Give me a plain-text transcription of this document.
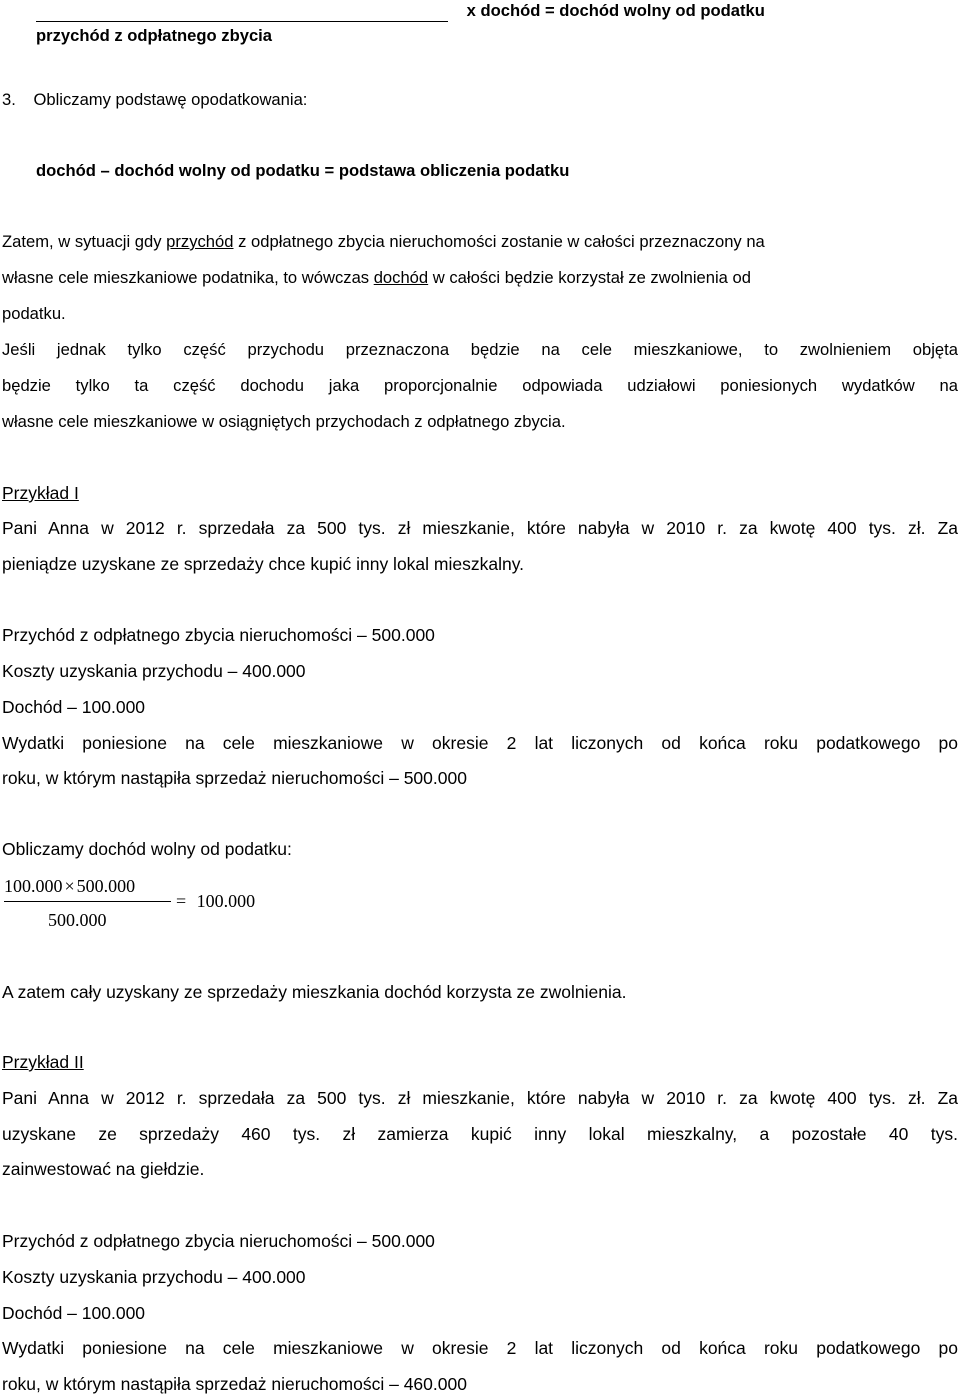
x dochód = dochód wolny od podatku
przychód z odpłatnego zbycia
3. Obliczamy podstawę opodatkowania:
dochód – dochód wolny od podatku = podstawa obliczenia podatku
Zatem, w sytuacji gdy przychód z odpłatnego zbycia nieruchomości zostanie w całości przeznaczony na
własne cele mieszkaniowe podatnika, to wówczas dochód w całości będzie korzystał ze zwolnienia od
podatku.
Jeśli jednak tylko część przychodu przeznaczona będzie na cele mieszkaniowe, to zwolnieniem objęta
będzie tylko ta część dochodu jaka proporcjonalnie odpowiada udziałowi poniesionych wydatków na
własne cele mieszkaniowe w osiągniętych przychodach z odpłatnego zbycia.
Przykład I
Pani Anna w 2012 r. sprzedała za 500 tys. zł mieszkanie, które nabyła w 2010 r. za kwotę 400 tys. zł. Za
pieniądze uzyskane ze sprzedaży chce kupić inny lokal mieszkalny.
Przychód z odpłatnego zbycia nieruchomości – 500.000
Koszty uzyskania przychodu – 400.000
Dochód – 100.000
Wydatki poniesione na cele mieszkaniowe w okresie 2 lat liczonych od końca roku podatkowego po
roku, w którym nastąpiła sprzedaż nieruchomości – 500.000
Obliczamy dochód wolny od podatku:
100.000 × 500.000
= 100.000
500.000
A zatem cały uzyskany ze sprzedaży mieszkania dochód korzysta ze zwolnienia.
Przykład II
Pani Anna w 2012 r. sprzedała za 500 tys. zł mieszkanie, które nabyła w 2010 r. za kwotę 400 tys. zł. Za
uzyskane ze sprzedaży 460 tys. zł zamierza kupić inny lokal mieszkalny, a pozostałe 40 tys.
zainwestować na giełdzie.
Przychód z odpłatnego zbycia nieruchomości – 500.000
Koszty uzyskania przychodu – 400.000
Dochód – 100.000
Wydatki poniesione na cele mieszkaniowe w okresie 2 lat liczonych od końca roku podatkowego po
roku, w którym nastąpiła sprzedaż nieruchomości – 460.000
